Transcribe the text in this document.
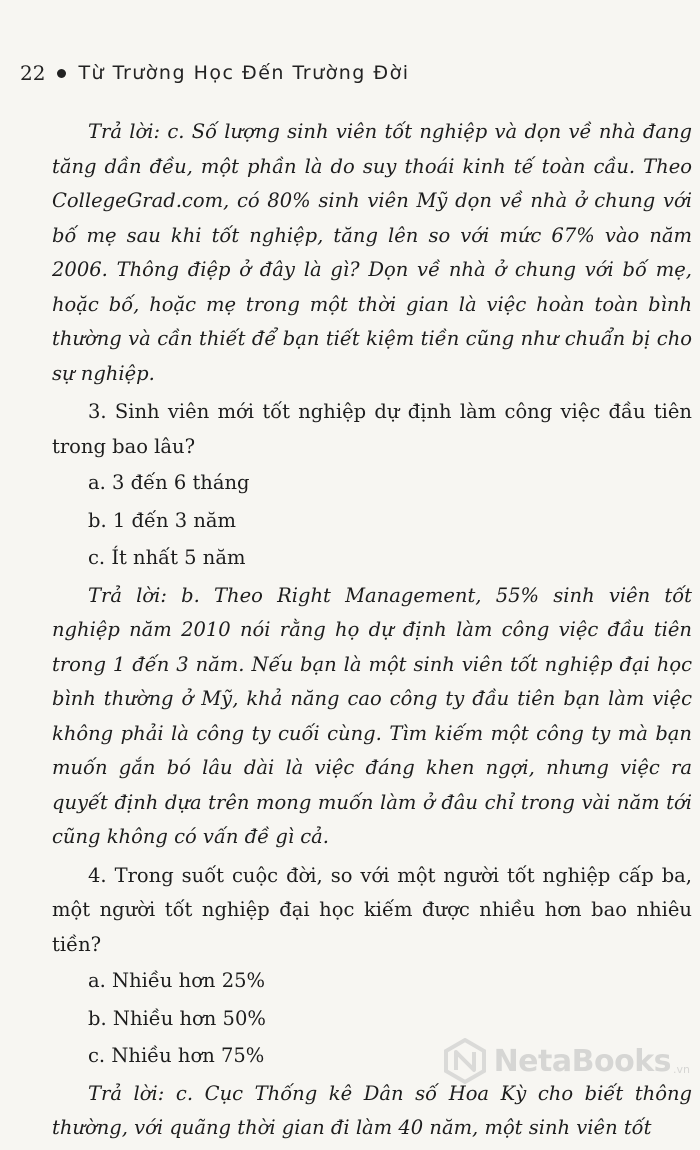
22 Từ Trường Học Đến Trường Đời

Trả lời: c. Số lượng sinh viên tốt nghiệp và dọn về nhà đang tăng dần đều, một phần là do suy thoái kinh tế toàn cầu. Theo CollegeGrad.com, có 80% sinh viên Mỹ dọn về nhà ở chung với bố mẹ sau khi tốt nghiệp, tăng lên so với mức 67% vào năm 2006. Thông điệp ở đây là gì? Dọn về nhà ở chung với bố mẹ, hoặc bố, hoặc mẹ trong một thời gian là việc hoàn toàn bình thường và cần thiết để bạn tiết kiệm tiền cũng như chuẩn bị cho sự nghiệp.

3. Sinh viên mới tốt nghiệp dự định làm công việc đầu tiên trong bao lâu?

a. 3 đến 6 tháng

b. 1 đến 3 năm

c. Ít nhất 5 năm

Trả lời: b. Theo Right Management, 55% sinh viên tốt nghiệp năm 2010 nói rằng họ dự định làm công việc đầu tiên trong 1 đến 3 năm. Nếu bạn là một sinh viên tốt nghiệp đại học bình thường ở Mỹ, khả năng cao công ty đầu tiên bạn làm việc không phải là công ty cuối cùng. Tìm kiếm một công ty mà bạn muốn gắn bó lâu dài là việc đáng khen ngợi, nhưng việc ra quyết định dựa trên mong muốn làm ở đâu chỉ trong vài năm tới cũng không có vấn đề gì cả.

4. Trong suốt cuộc đời, so với một người tốt nghiệp cấp ba, một người tốt nghiệp đại học kiếm được nhiều hơn bao nhiêu tiền?

a. Nhiều hơn 25%

b. Nhiều hơn 50%

c. Nhiều hơn 75%

Trả lời: c. Cục Thống kê Dân số Hoa Kỳ cho biết thông thường, với quãng thời gian đi làm 40 năm, một sinh viên tốt

NetaBooks .vn
